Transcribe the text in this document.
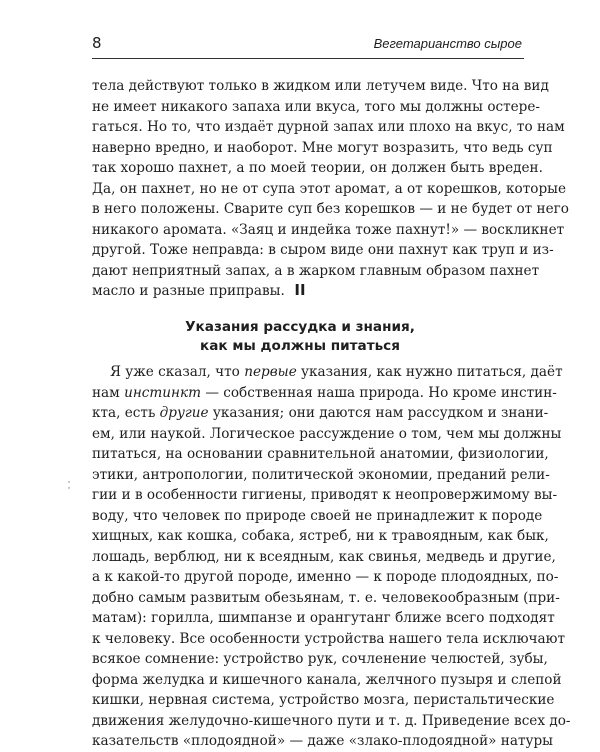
8	Вегетарианство сырое
тела действуют только в жидком или летучем виде. Что на вид
не имеет никакого запаха или вкуса, того мы должны остерe-
гаться. Но то, что издаёт дурной запах или плохо на вкус, то нам
наверно вредно, и наоборот. Мне могут возразить, что ведь суп
так хорошо пахнет, а по моей теории, он должен быть вреден.
Да, он пахнет, но не от супа этот аромат, а от корешков, которые
в него положены. Сварите суп без корешков — и не будет от него
никакого аромата. «Заяц и индейка тоже пахнут!» — воскликнет
другой. Тоже неправда: в сыром виде они пахнут как труп и из-
дают неприятный запах, а в жарком главным образом пахнет
масло и разные приправы. II
Указания рассудка и знания,
как мы должны питаться
Я уже сказал, что первые указания, как нужно питаться, даёт
нам инстинкт — собственная наша природа. Но кроме инстин-
кта, есть другие указания; они даются нам рассудком и знани-
ем, или наукой. Логическое рассуждение о том, чем мы должны
питаться, на основании сравнительной анатомии, физиологии,
этики, антропологии, политической экономии, преданий рели-
гии и в особенности гигиены, приводят к неопровержимому вы-
воду, что человек по природе своей не принадлежит к породе
хищных, как кошка, собака, ястреб, ни к травоядным, как бык,
лошадь, верблюд, ни к всеядным, как свинья, медведь и другие,
а к какой-то другой породе, именно — к породе плодоядных, по-
добно самым развитым обезьянам, т. е. человекообразным (при-
матам): горилла, шимпанзе и орангутанг ближе всего подходят
к человеку. Все особенности устройства нашего тела исключают
всякое сомнение: устройство рук, сочленение челюстей, зубы,
форма желудка и кишечного канала, желчного пузыря и слепой
кишки, нервная система, устройство мозга, перистальтические
движения желудочно-кишечного пути и т. д. Приведение всех до-
казательств «плодоядной» — даже «злако-плодоядной» натуры
